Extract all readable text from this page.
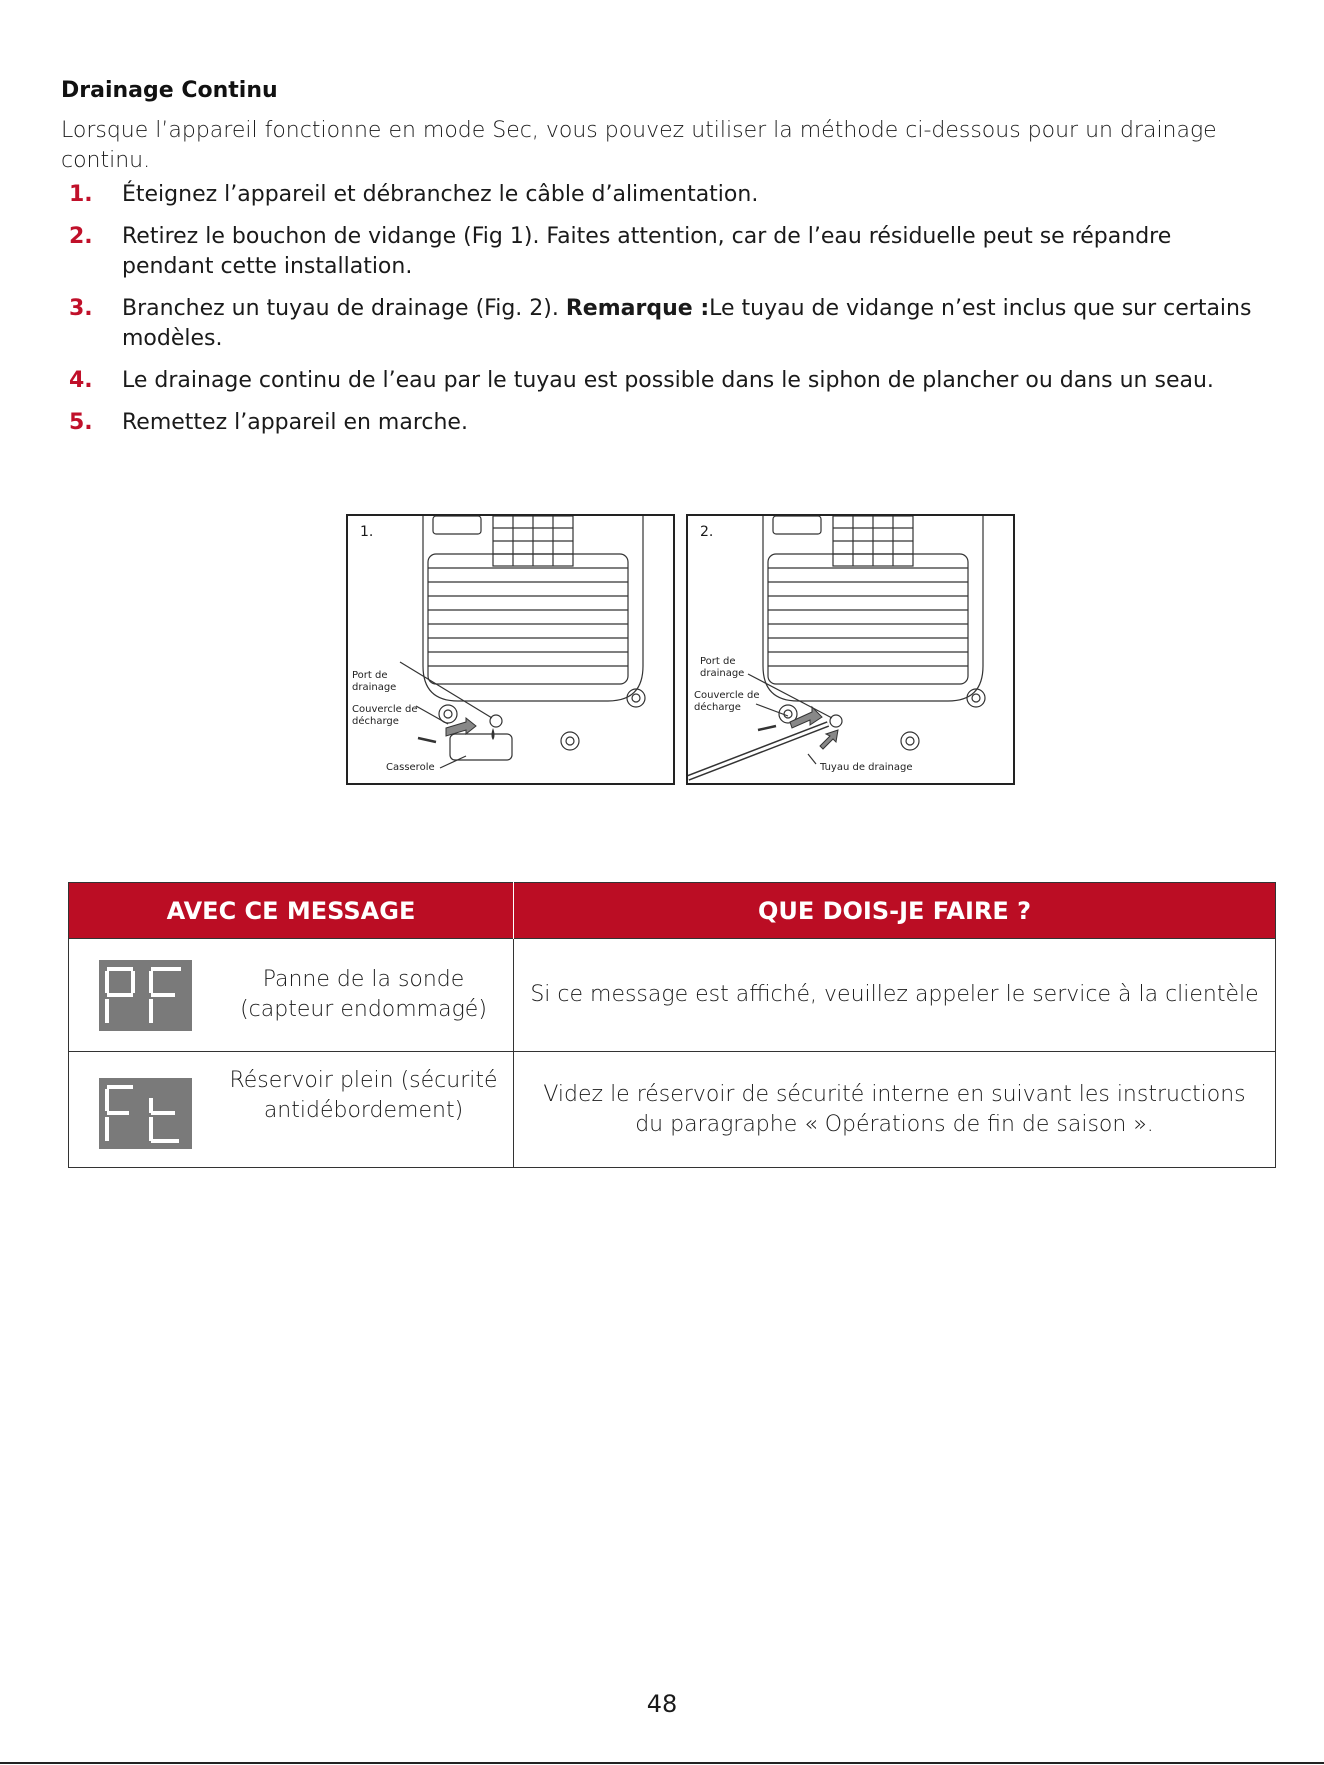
Drainage Continu

Lorsque l’appareil fonctionne en mode Sec, vous pouvez utiliser la méthode ci-dessous pour un drainage continu.

1. Éteignez l’appareil et débranchez le câble d’alimentation.
2. Retirez le bouchon de vidange (Fig 1). Faites attention, car de l’eau résiduelle peut se répandre pendant cette installation.
3. Branchez un tuyau de drainage (Fig. 2). Remarque :Le tuyau de vidange n’est inclus que sur certains modèles.
4. Le drainage continu de l’eau par le tuyau est possible dans le siphon de plancher ou dans un seau.
5. Remettez l’appareil en marche.
1.
Port de drainage
Couvercle de décharge
Casserole
2.
Port de drainage
Couvercle de décharge
Tuyau de drainage
AVEC CE MESSAGE	QUE DOIS-JE FAIRE ?

Panne de la sonde (capteur endommagé)	Si ce message est affiché, veuillez appeler le service à la clientèle

Réservoir plein (sécurité antidébordement)	Videz le réservoir de sécurité interne en suivant les instructions du paragraphe « Opérations de fin de saison ».
48
